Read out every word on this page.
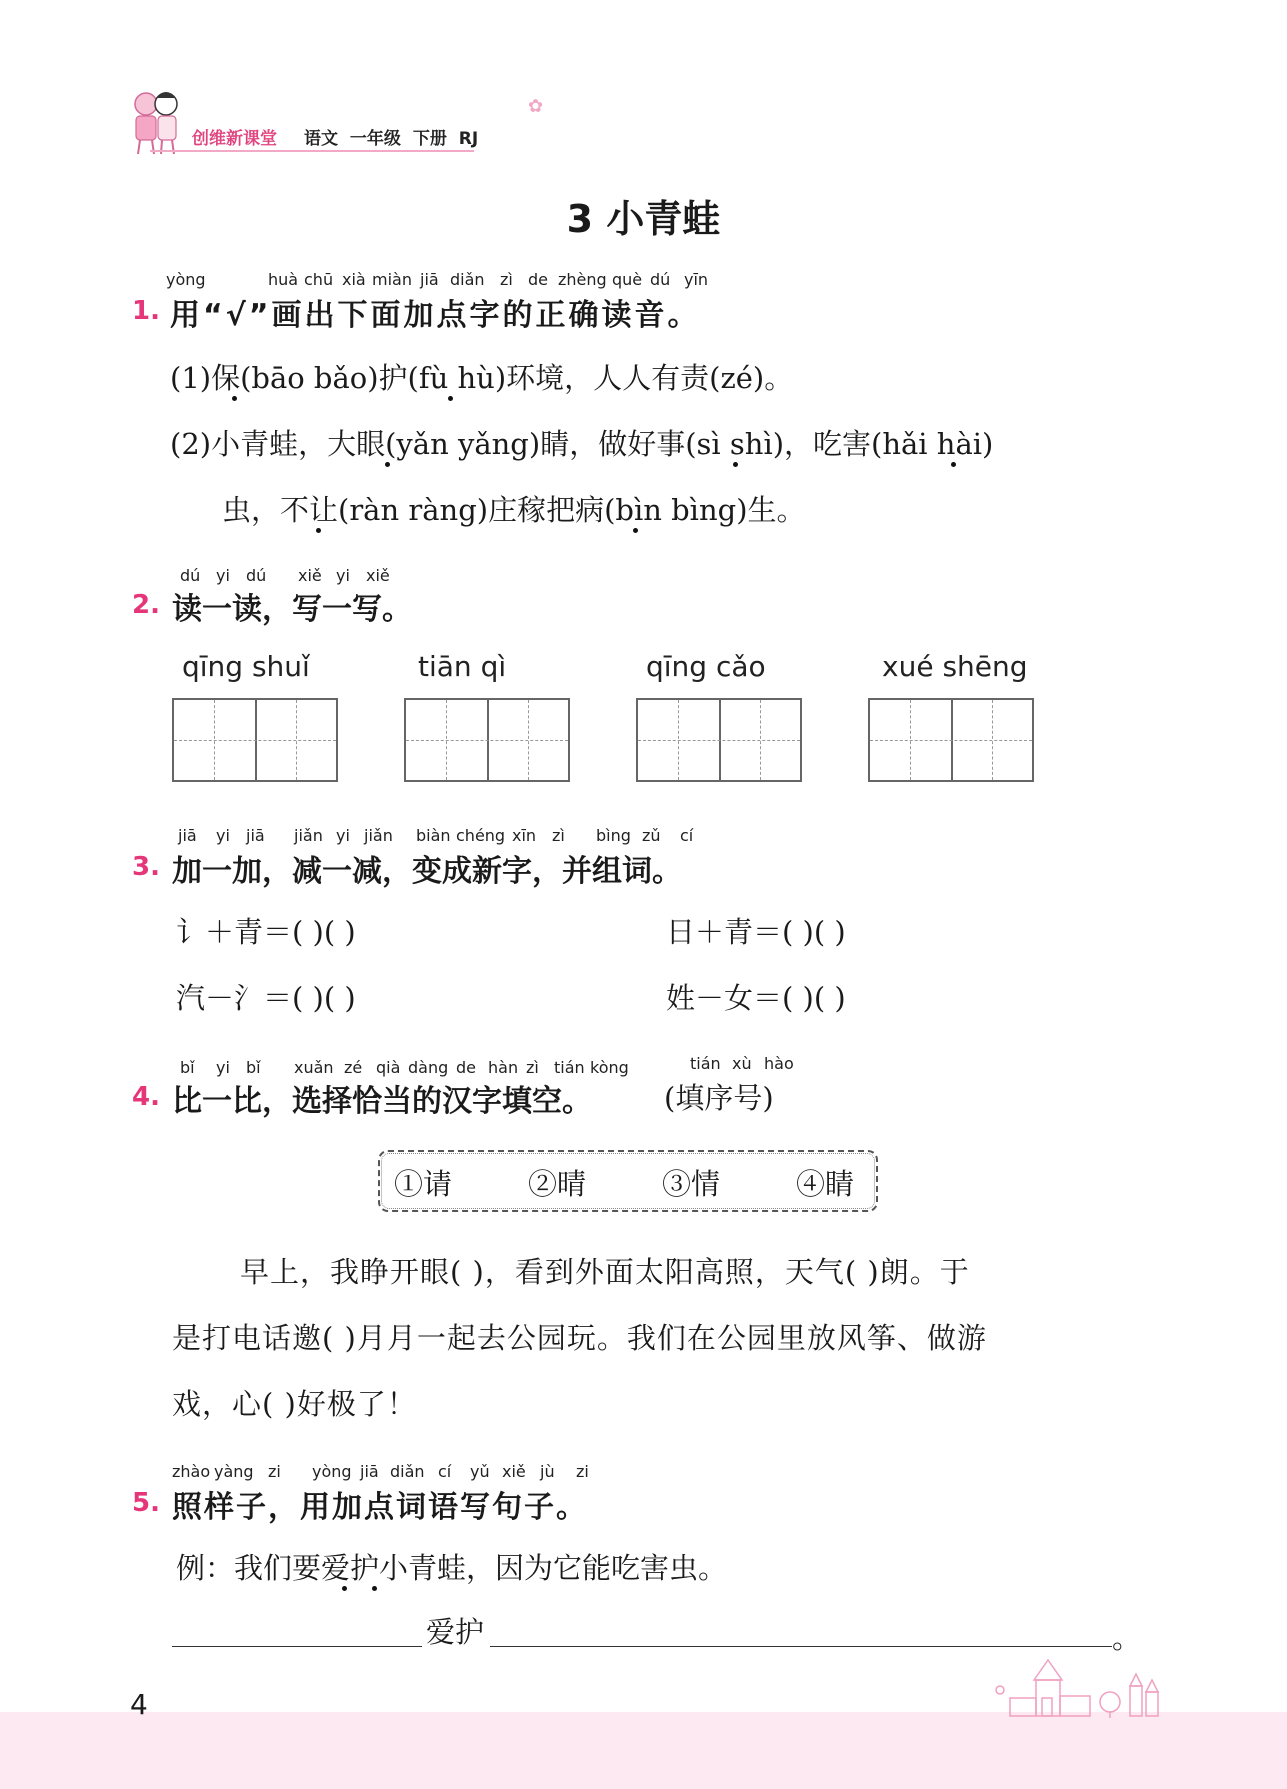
创维新课堂 语文 一年级 下册 RJ
✿
3 小青蛙
1.
yòng	huà chū xià miàn jiā diǎn zì de zhèng què dú yīn
用“√”画出下面加点字的正确读音。
(1)保(bāo bǎo)护(fù hù)环境，人人有责(zé)。
(2)小青蛙，大眼(yǎn yǎng)睛，做好事(sì shì)，吃害(hǎi hài)
虫，不让(ràn ràng)庄稼把病(bìn bìng)生。
2.
dú yi dú xiě yi xiě
读一读，写一写。
qīng shuǐ	tiān qì	qīng cǎo	xué shēng
3.
jiā yi jiā jiǎn yi jiǎn biàn chéng xīn zì bìng zǔ cí
加一加，减一减，变成新字，并组词。
讠＋青＝( )( )	日＋青＝( )( )
汽－氵＝( )( )	姓－女＝( )( )
4.
bǐ yi bǐ xuǎn zé qià dàng de hàn zì tián kòng	tián xù hào
比一比，选择恰当的汉字填空。 (填序号)
①请	②晴	③情	④睛
早上，我睁开眼( )，看到外面太阳高照，天气( )朗。于
是打电话邀( )月月一起去公园玩。我们在公园里放风筝、做游
戏，心( )好极了！
5.
zhào yàng zi yòng jiā diǎn cí yǔ xiě jù zi
照样子，用加点词语写句子。
例：我们要爱护小青蛙，因为它能吃害虫。
爱护	。
4
